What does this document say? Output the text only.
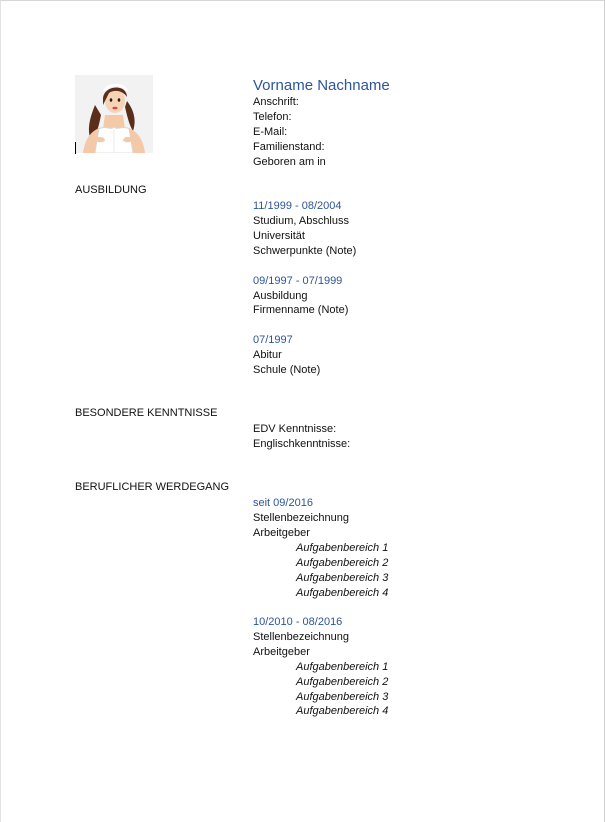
Vorname Nachname
Anschrift:
Telefon:
E-Mail:
Familienstand:
Geboren am in
AUSBILDUNG
11/1999 - 08/2004
Studium, Abschluss
Universität
Schwerpunkte (Note)
09/1997 - 07/1999
Ausbildung
Firmenname (Note)
07/1997
Abitur
Schule (Note)
BESONDERE KENNTNISSE
EDV Kenntnisse:
Englischkenntnisse:
BERUFLICHER WERDEGANG
seit 09/2016
Stellenbezeichnung
Arbeitgeber
Aufgabenbereich 1
Aufgabenbereich 2
Aufgabenbereich 3
Aufgabenbereich 4
10/2010 - 08/2016
Stellenbezeichnung
Arbeitgeber
Aufgabenbereich 1
Aufgabenbereich 2
Aufgabenbereich 3
Aufgabenbereich 4
